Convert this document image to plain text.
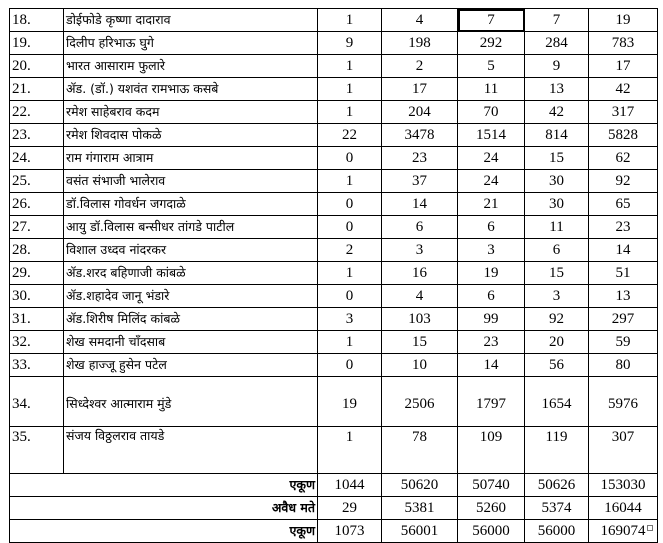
18.	डोईफोडे कृष्णा दादाराव	1	4	7	7	19
19.	दिलीप हरिभाऊ घुगे	9	198	292	284	783
20.	भारत आसाराम फुलारे	1	2	5	9	17
21.	ॲड. (डॉ.) यशवंत रामभाऊ कसबे	1	17	11	13	42
22.	रमेश साहेबराव कदम	1	204	70	42	317
23.	रमेश शिवदास पोकळे	22	3478	1514	814	5828
24.	राम गंगाराम आत्राम	0	23	24	15	62
25.	वसंत संभाजी भालेराव	1	37	24	30	92
26.	डॉ.विलास गोवर्धन जगदाळे	0	14	21	30	65
27.	आयु डॉ.विलास बन्सीधर तांगडे पाटील	0	6	6	11	23
28.	विशाल उध्दव नांदरकर	2	3	3	6	14
29.	ॲड.शरद बहिणाजी कांबळे	1	16	19	15	51
30.	ॲड.शहादेव जानू भंडारे	0	4	6	3	13
31.	ॲड.शिरीष मिलिंद कांबळे	3	103	99	92	297
32.	शेख समदानी चाँदसाब	1	15	23	20	59
33.	शेख हाज्जू हुसेन पटेल	0	10	14	56	80
34.	सिध्देश्वर आत्माराम मुंडे	19	2506	1797	1654	5976
35.	संजय विठ्ठलराव तायडे	1	78	109	119	307
एकूण		1044	50620	50740	50626	153030
अवैध मते		29	5381	5260	5374	16044
एकूण		1073	56001	56000	56000	169074
